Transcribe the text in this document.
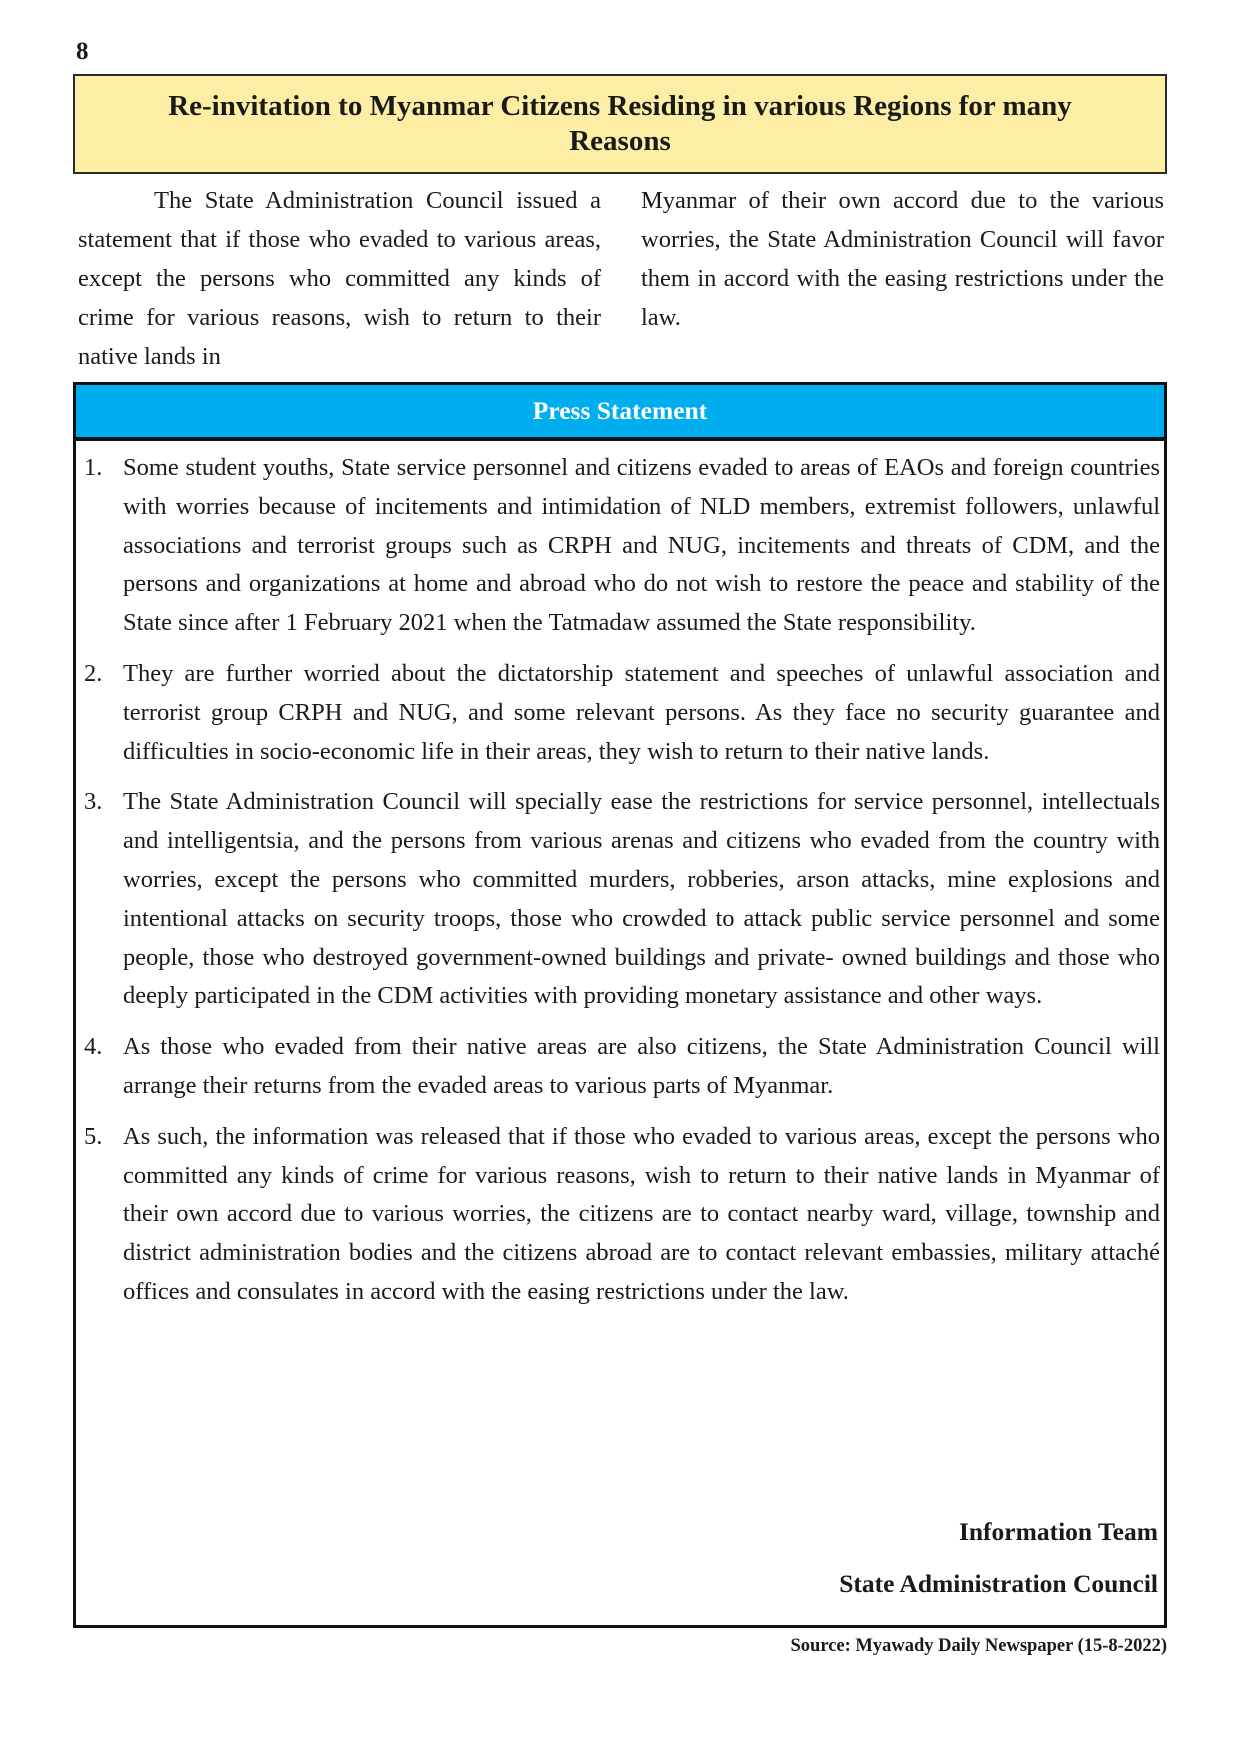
8
Re-invitation to Myanmar Citizens Residing in various Regions for many Reasons

The State Administration Council issued a statement that if those who evaded to various areas, except the persons who committed any kinds of crime for various reasons, wish to return to their native lands in

Myanmar of their own accord due to the various worries, the State Administration Council will favor them in accord with the easing restrictions under the law.

Press Statement
1. Some student youths, State service personnel and citizens evaded to areas of EAOs and foreign countries with worries because of incitements and intimidation of NLD members, extremist followers, unlawful associations and terrorist groups such as CRPH and NUG, incitements and threats of CDM, and the persons and organizations at home and abroad who do not wish to restore the peace and stability of the State since after 1 February 2021 when the Tatmadaw assumed the State responsibility.
2. They are further worried about the dictatorship statement and speeches of unlawful association and terrorist group CRPH and NUG, and some relevant persons. As they face no security guarantee and difficulties in socio-economic life in their areas, they wish to return to their native lands.
3. The State Administration Council will specially ease the restrictions for service personnel, intellectuals and intelligentsia, and the persons from various arenas and citizens who evaded from the country with worries, except the persons who committed murders, robberies, arson attacks, mine explosions and intentional attacks on security troops, those who crowded to attack public service personnel and some people, those who destroyed government-owned buildings and private- owned buildings and those who deeply participated in the CDM activities with providing monetary assistance and other ways.
4. As those who evaded from their native areas are also citizens, the State Administration Council will arrange their returns from the evaded areas to various parts of Myanmar.
5. As such, the information was released that if those who evaded to various areas, except the persons who committed any kinds of crime for various reasons, wish to return to their native lands in Myanmar of their own accord due to various worries, the citizens are to contact nearby ward, village, township and district administration bodies and the citizens abroad are to contact relevant embassies, military attaché offices and consulates in accord with the easing restrictions under the law.
Information Team
State Administration Council
Source: Myawady Daily Newspaper (15-8-2022)
